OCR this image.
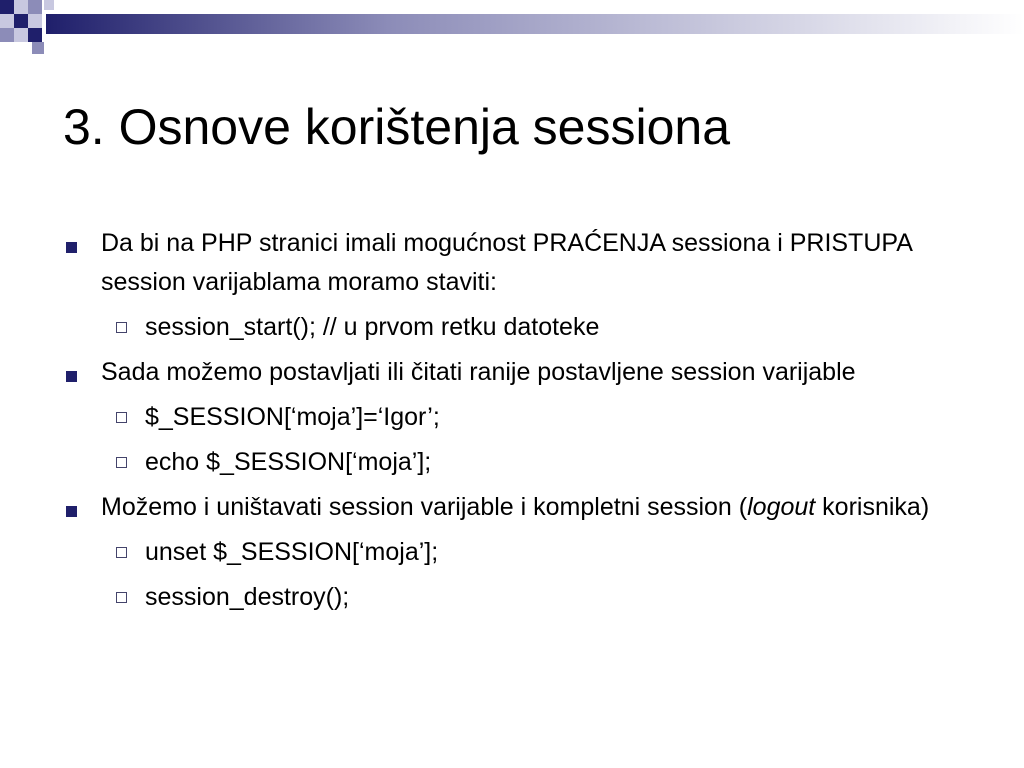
3. Osnove korištenja sessiona
Da bi na PHP stranici imali mogućnost PRAĆENJA sessiona i PRISTUPA session varijablama moramo staviti:
session_start(); // u prvom retku datoteke
Sada možemo postavljati ili čitati ranije postavljene session varijable
$_SESSION[‘moja’]=‘Igor’;
echo $_SESSION[‘moja’];
Možemo i uništavati session varijable i kompletni session (logout korisnika)
unset $_SESSION[‘moja’];
session_destroy();
